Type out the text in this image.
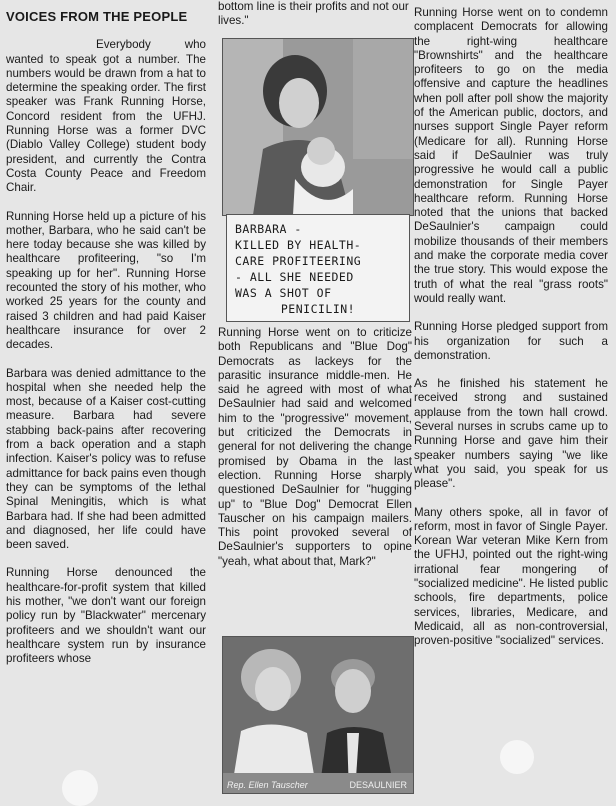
bottom line is their profits and not our lives."
VOICES FROM THE PEOPLE

Everybody who wanted to speak got a number. The numbers would be drawn from a hat to determine the speaking order. The first speaker was Frank Running Horse, Concord resident from the UFHJ. Running Horse was a former DVC (Diablo Valley College) student body president, and currently the Contra Costa County Peace and Freedom Chair.

Running Horse held up a picture of his mother, Barbara, who he said can't be here today because she was killed by healthcare profiteering, "so I'm speaking up for her". Running Horse recounted the story of his mother, who worked 25 years for the county and raised 3 children and had paid Kaiser healthcare insurance for over 2 decades.

Barbara was denied admittance to the hospital when she needed help the most, because of a Kaiser cost-cutting measure. Barbara had severe stabbing back-pains after recovering from a back operation and a staph infection. Kaiser's policy was to refuse admittance for back pains even though they can be symptoms of the lethal Spinal Meningitis, which is what Barbara had. If she had been admitted and diagnosed, her life could have been saved.

Running Horse denounced the healthcare-for-profit system that killed his mother, "we don't want our foreign policy run by "Blackwater" mercenary profiteers and we shouldn't want our healthcare system run by insurance profiteers whose

BARBARA -
KILLED BY HEALTH-
CARE PROFITEERING
- ALL SHE NEEDED
WAS A SHOT OF
PENICILIN!

Running Horse went on to criticize both Republicans and "Blue Dog" Democrats as lackeys for the parasitic insurance middle-men. He said he agreed with most of what DeSaulnier had said and welcomed him to the "progressive" movement, but criticized the Democrats in general for not delivering the change promised by Obama in the last election. Running Horse sharply questioned DeSaulnier for "hugging up" to "Blue Dog" Democrat Ellen Tauscher on his campaign mailers. This point provoked several of DeSaulnier's supporters to opine "yeah, what about that, Mark?"

Rep. Ellen Tauscher	DESAULNIER

Running Horse went on to condemn complacent Democrats for allowing the right-wing healthcare "Brownshirts" and the healthcare profiteers to go on the media offensive and capture the headlines when poll after poll show the majority of the American public, doctors, and nurses support Single Payer reform (Medicare for all). Running Horse said if DeSaulnier was truly progressive he would call a public demonstration for Single Payer healthcare reform. Running Horse noted that the unions that backed DeSaulnier's campaign could mobilize thousands of their members and make the corporate media cover the true story. This would expose the truth of what the real "grass roots" would really want.

Running Horse pledged support from his organization for such a demonstration.

As he finished his statement he received strong and sustained applause from the town hall crowd. Several nurses in scrubs came up to Running Horse and gave him their speaker numbers saying "we like what you said, you speak for us please".

Many others spoke, all in favor of reform, most in favor of Single Payer. Korean War veteran Mike Kern from the UFHJ, pointed out the right-wing irrational fear mongering of "socialized medicine". He listed public schools, fire departments, police services, libraries, Medicare, and Medicaid, all as non-controversial, proven-positive "socialized" services.
